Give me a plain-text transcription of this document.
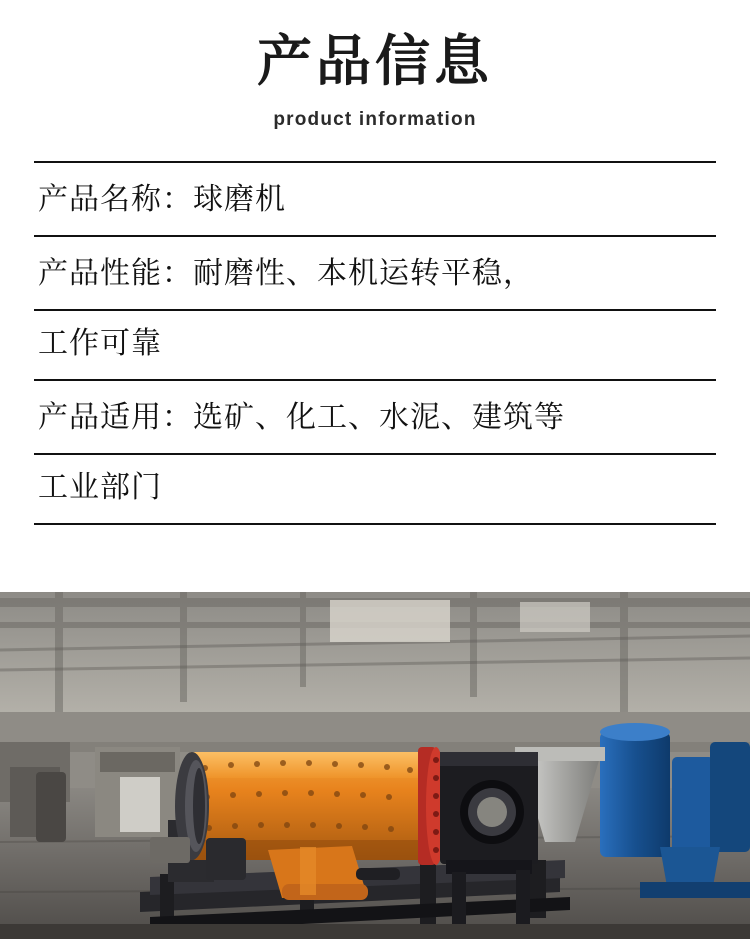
产品信息
product information
产品名称：球磨机
产品性能：耐磨性、本机运转平稳，
工作可靠
产品适用：选矿、化工、水泥、建筑等
工业部门
